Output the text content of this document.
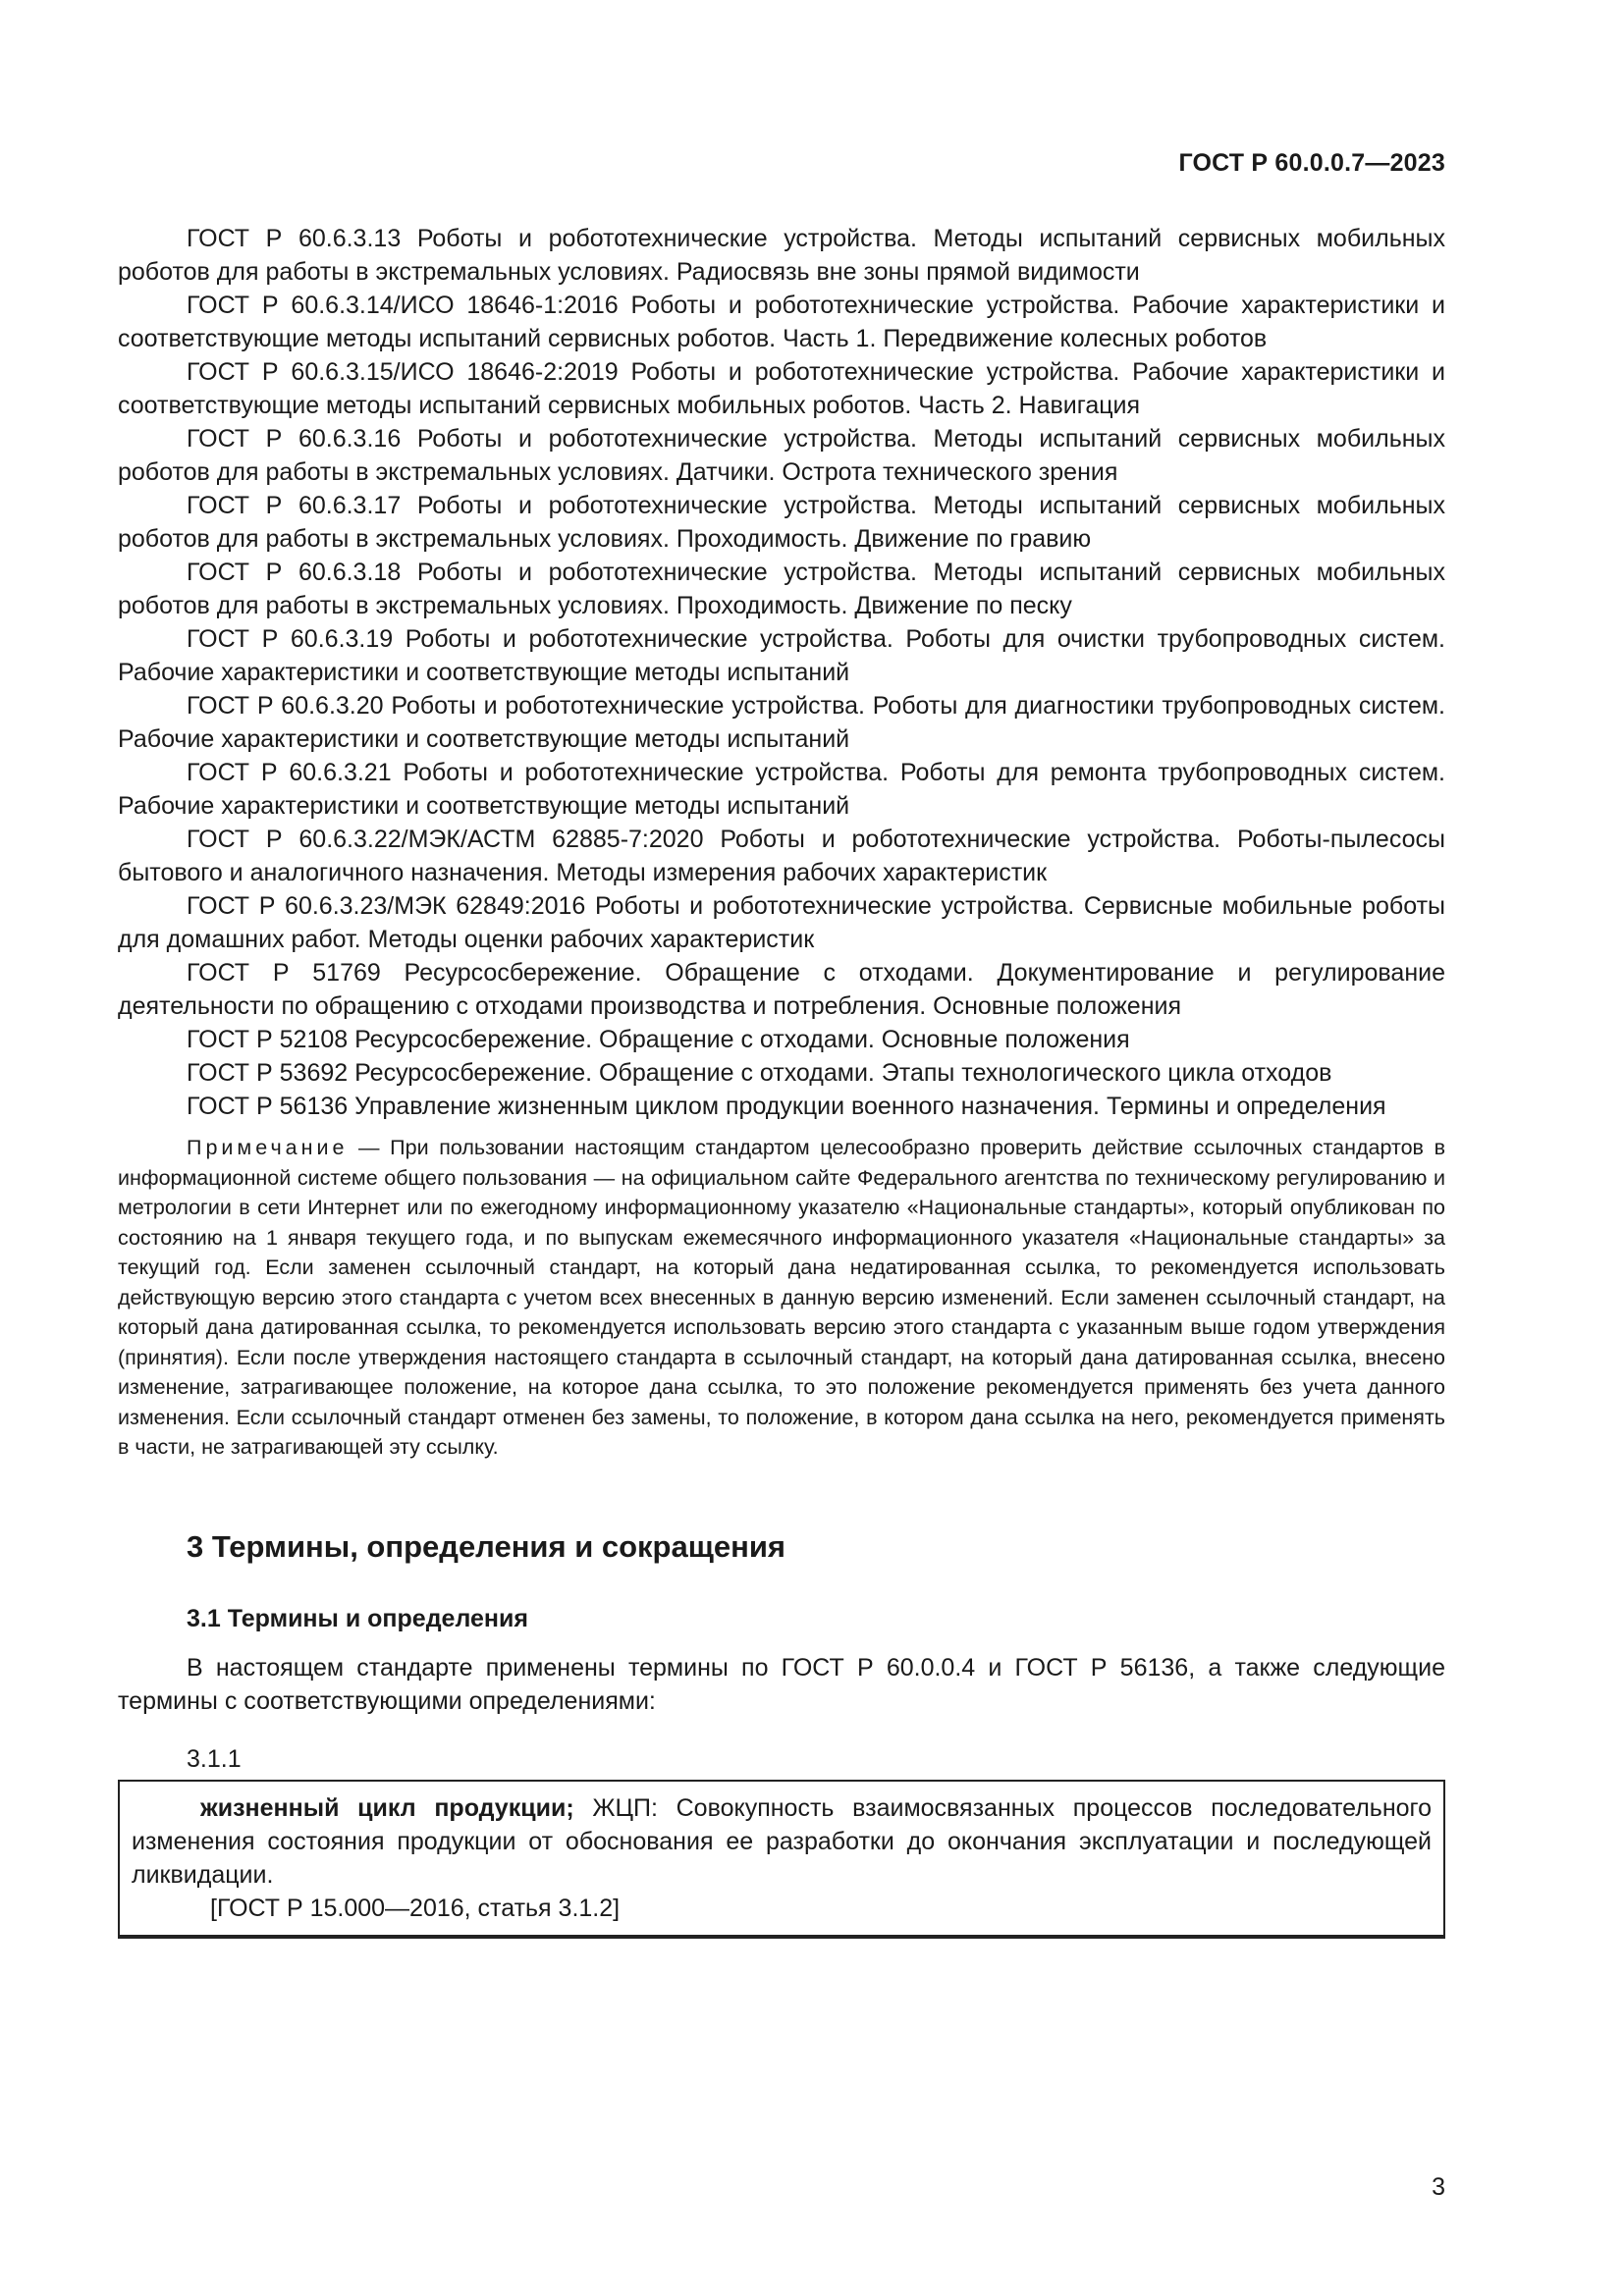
ГОСТ Р 60.0.0.7—2023

ГОСТ Р 60.6.3.13 Роботы и робототехнические устройства. Методы испытаний сервисных мобильных роботов для работы в экстремальных условиях. Радиосвязь вне зоны прямой видимости

ГОСТ Р 60.6.3.14/ИСО 18646-1:2016 Роботы и робототехнические устройства. Рабочие характеристики и соответствующие методы испытаний сервисных роботов. Часть 1. Передвижение колесных роботов

ГОСТ Р 60.6.3.15/ИСО 18646-2:2019 Роботы и робототехнические устройства. Рабочие характеристики и соответствующие методы испытаний сервисных мобильных роботов. Часть 2. Навигация

ГОСТ Р 60.6.3.16 Роботы и робототехнические устройства. Методы испытаний сервисных мобильных роботов для работы в экстремальных условиях. Датчики. Острота технического зрения

ГОСТ Р 60.6.3.17 Роботы и робототехнические устройства. Методы испытаний сервисных мобильных роботов для работы в экстремальных условиях. Проходимость. Движение по гравию

ГОСТ Р 60.6.3.18 Роботы и робототехнические устройства. Методы испытаний сервисных мобильных роботов для работы в экстремальных условиях. Проходимость. Движение по песку

ГОСТ Р 60.6.3.19 Роботы и робототехнические устройства. Роботы для очистки трубопроводных систем. Рабочие характеристики и соответствующие методы испытаний

ГОСТ Р 60.6.3.20 Роботы и робототехнические устройства. Роботы для диагностики трубопроводных систем. Рабочие характеристики и соответствующие методы испытаний

ГОСТ Р 60.6.3.21 Роботы и робототехнические устройства. Роботы для ремонта трубопроводных систем. Рабочие характеристики и соответствующие методы испытаний

ГОСТ Р 60.6.3.22/МЭК/АСТМ 62885-7:2020 Роботы и робототехнические устройства. Роботы-пылесосы бытового и аналогичного назначения. Методы измерения рабочих характеристик

ГОСТ Р 60.6.3.23/МЭК 62849:2016 Роботы и робототехнические устройства. Сервисные мобильные роботы для домашних работ. Методы оценки рабочих характеристик

ГОСТ Р 51769 Ресурсосбережение. Обращение с отходами. Документирование и регулирование деятельности по обращению с отходами производства и потребления. Основные положения

ГОСТ Р 52108 Ресурсосбережение. Обращение с отходами. Основные положения

ГОСТ Р 53692 Ресурсосбережение. Обращение с отходами. Этапы технологического цикла отходов

ГОСТ Р 56136 Управление жизненным циклом продукции военного назначения. Термины и определения

Примечание — При пользовании настоящим стандартом целесообразно проверить действие ссылочных стандартов в информационной системе общего пользования — на официальном сайте Федерального агентства по техническому регулированию и метрологии в сети Интернет или по ежегодному информационному указателю «Национальные стандарты», который опубликован по состоянию на 1 января текущего года, и по выпускам ежемесячного информационного указателя «Национальные стандарты» за текущий год. Если заменен ссылочный стандарт, на который дана недатированная ссылка, то рекомендуется использовать действующую версию этого стандарта с учетом всех внесенных в данную версию изменений. Если заменен ссылочный стандарт, на который дана датированная ссылка, то рекомендуется использовать версию этого стандарта с указанным выше годом утверждения (принятия). Если после утверждения настоящего стандарта в ссылочный стандарт, на который дана датированная ссылка, внесено изменение, затрагивающее положение, на которое дана ссылка, то это положение рекомендуется применять без учета данного изменения. Если ссылочный стандарт отменен без замены, то положение, в котором дана ссылка на него, рекомендуется применять в части, не затрагивающей эту ссылку.

3 Термины, определения и сокращения
3.1 Термины и определения

В настоящем стандарте применены термины по ГОСТ Р 60.0.0.4 и ГОСТ Р 56136, а также следующие термины с соответствующими определениями:

3.1.1

жизненный цикл продукции; ЖЦП: Совокупность взаимосвязанных процессов последовательного изменения состояния продукции от обоснования ее разработки до окончания эксплуатации и последующей ликвидации.

[ГОСТ Р 15.000—2016, статья 3.1.2]

3
